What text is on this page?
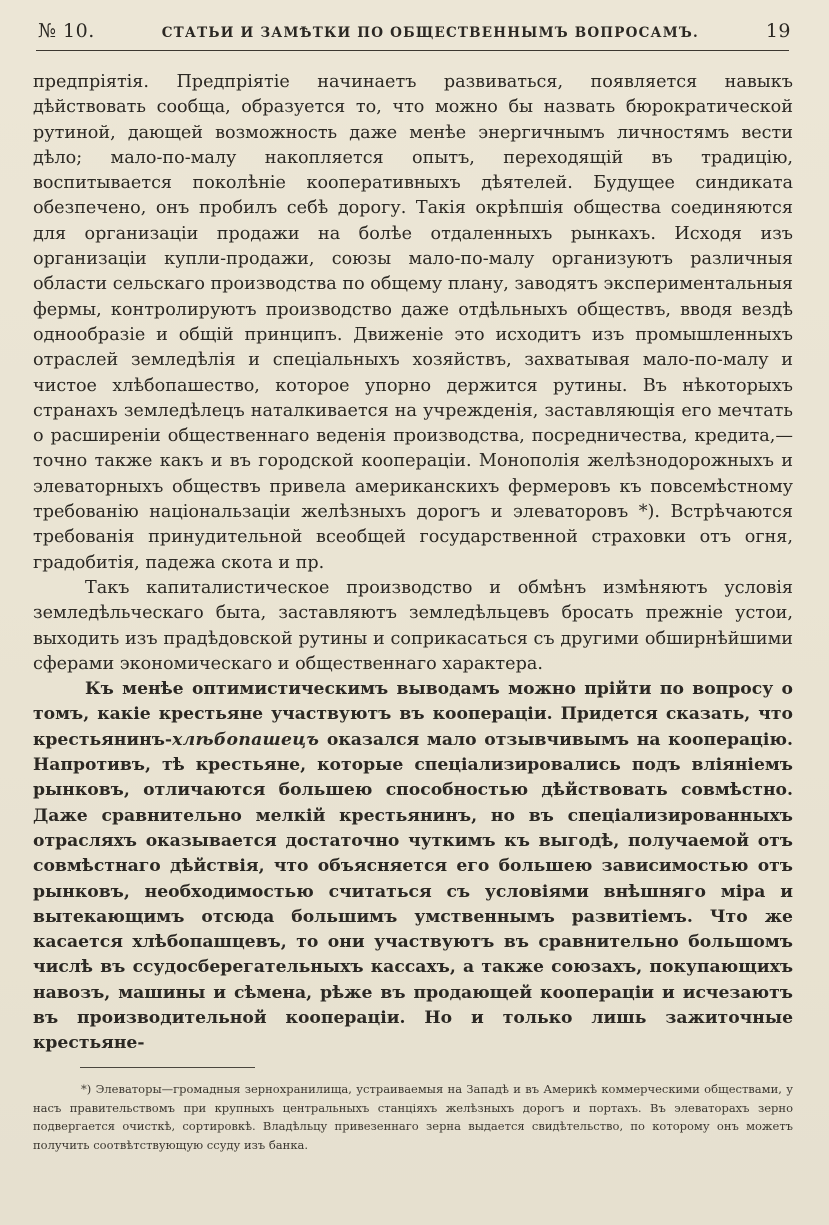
№ 10.	СТАТЬИ И ЗАМѢТКИ ПО ОБЩЕСТВЕННЫМЪ ВОПРОСАМЪ.	19

предпріятія. Предпріятіе начинаетъ развиваться, появляется навыкъ дѣйствовать сообща, образуется то, что можно бы назвать бюрократической рутиной, дающей возможность даже менѣе энергичнымъ личностямъ вести дѣло; мало-по-малу накопляется опытъ, переходящій въ традицію, воспитывается поколѣніе кооперативныхъ дѣятелей. Будущее синдиката обезпечено, онъ пробилъ себѣ дорогу. Такія окрѣпшія общества соединяются для организаціи продажи на болѣе отдаленныхъ рынкахъ. Исходя изъ организаціи купли-продажи, союзы мало-по-малу организуютъ различныя области сельскаго производства по общему плану, заводятъ экспериментальныя фермы, контролируютъ производство даже отдѣльныхъ обществъ, вводя вездѣ однообразіе и общій принципъ. Движеніе это исходитъ изъ промышленныхъ отраслей земледѣлія и спеціальныхъ хозяйствъ, захватывая мало-по-малу и чистое хлѣбопашество, которое упорно держится рутины. Въ нѣкоторыхъ странахъ земледѣлецъ наталкивается на учрежденія, заставляющія его мечтать о расширеніи общественнаго веденія производства, посредничества, кредита,— точно также какъ и въ городской коопераціи. Монополія желѣзнодорожныхъ и элеваторныхъ обществъ привела американскихъ фермеровъ къ повсемѣстному требованію національзаціи желѣзныхъ дорогъ и элеваторовъ *). Встрѣчаются требованія принудительной всеобщей государственной страховки отъ огня, градобитія, падежа скота и пр.

Такъ капиталистическое производство и обмѣнъ измѣняютъ условія земледѣльческаго быта, заставляютъ земледѣльцевъ бросать прежніе устои, выходить изъ прадѣдовской рутины и соприкасаться съ другими обширнѣйшими сферами экономическаго и общественнаго характера.

Къ менѣе оптимистическимъ выводамъ можно прійти по вопросу о томъ, какіе крестьяне участвуютъ въ коопераціи. Придется сказать, что крестьянинъ-хлѣбопашецъ оказался мало отзывчивымъ на кооперацію. Напротивъ, тѣ крестьяне, которые спеціализировались подъ вліяніемъ рынковъ, отличаются большею способностью дѣйствовать совмѣстно. Даже сравнительно мелкій крестьянинъ, но въ спеціализированныхъ отрасляхъ оказывается достаточно чуткимъ къ выгодѣ, получаемой отъ совмѣстнаго дѣйствія, что объясняется его большею зависимостью отъ рынковъ, необходимостью считаться съ условіями внѣшняго міра и вытекающимъ отсюда большимъ умственнымъ развитіемъ. Что же касается хлѣбопашцевъ, то они участвуютъ въ сравнительно большомъ числѣ въ ссудосберегательныхъ кассахъ, а также союзахъ, покупающихъ навозъ, машины и сѣмена, рѣже въ продающей коопераціи и исчезаютъ въ производительной коопераціи. Но и только лишь зажиточные крестьяне-

*) Элеваторы—громадныя зернохранилища, устраиваемыя на Западѣ и въ Америкѣ коммерческими обществами, у насъ правительствомъ при крупныхъ центральныхъ станціяхъ желѣзныхъ дорогъ и портахъ. Въ элеваторахъ зерно подвергается очисткѣ, сортировкѣ. Владѣльцу привезеннаго зерна выдается свидѣтельство, по которому онъ можетъ получить соотвѣтствующую ссуду изъ банка.
